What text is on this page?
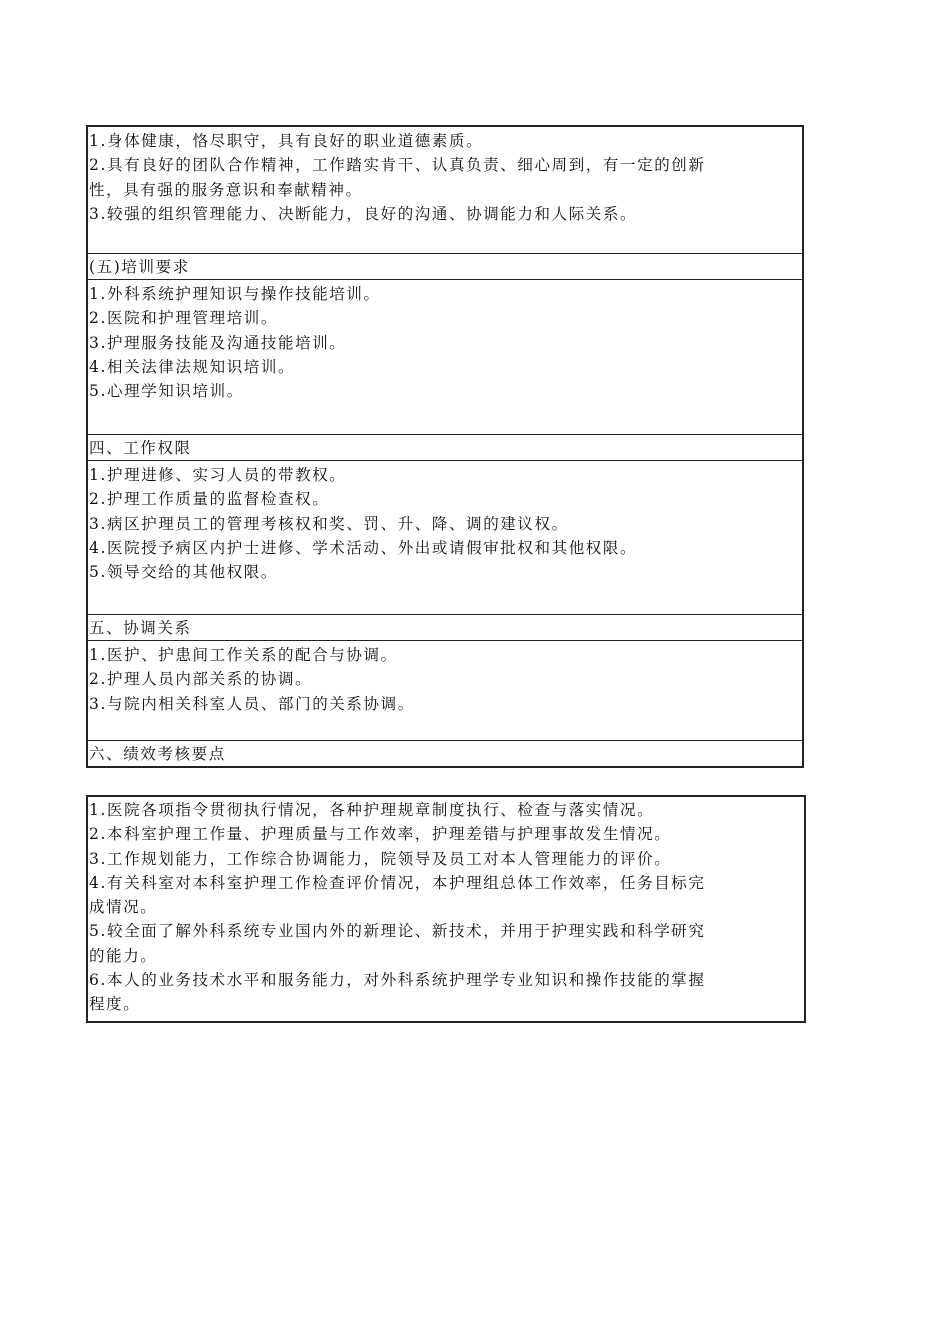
1.身体健康，恪尽职守，具有良好的职业道德素质。
2.具有良好的团队合作精神，工作踏实肯干、认真负责、细心周到，有一定的创新
性，具有强的服务意识和奉献精神。
3.较强的组织管理能力、决断能力，良好的沟通、协调能力和人际关系。
(五)培训要求
1.外科系统护理知识与操作技能培训。
2.医院和护理管理培训。
3.护理服务技能及沟通技能培训。
4.相关法律法规知识培训。
5.心理学知识培训。
四、工作权限
1.护理进修、实习人员的带教权。
2.护理工作质量的监督检查权。
3.病区护理员工的管理考核权和奖、罚、升、降、调的建议权。
4.医院授予病区内护士进修、学术活动、外出或请假审批权和其他权限。
5.领导交给的其他权限。
五、协调关系
1.医护、护患间工作关系的配合与协调。
2.护理人员内部关系的协调。
3.与院内相关科室人员、部门的关系协调。
六、绩效考核要点
1.医院各项指令贯彻执行情况，各种护理规章制度执行、检查与落实情况。
2.本科室护理工作量、护理质量与工作效率，护理差错与护理事故发生情况。
3.工作规划能力，工作综合协调能力，院领导及员工对本人管理能力的评价。
4.有关科室对本科室护理工作检查评价情况，本护理组总体工作效率，任务目标完
成情况。
5.较全面了解外科系统专业国内外的新理论、新技术，并用于护理实践和科学研究
的能力。
6.本人的业务技术水平和服务能力，对外科系统护理学专业知识和操作技能的掌握
程度。
